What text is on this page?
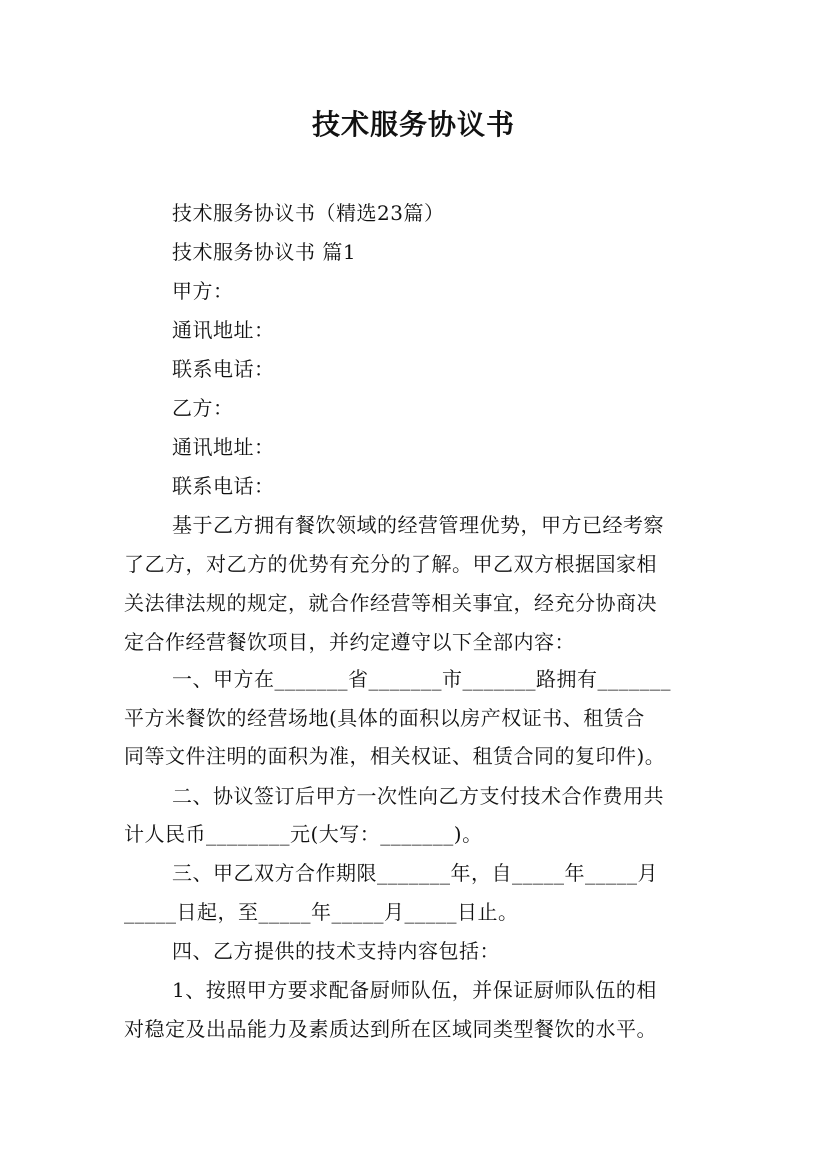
技术服务协议书
技术服务协议书（精选23篇）
技术服务协议书 篇1
甲方：
通讯地址：
联系电话：
乙方：
通讯地址：
联系电话：
基于乙方拥有餐饮领域的经营管理优势，甲方已经考察
了乙方，对乙方的优势有充分的了解。甲乙双方根据国家相
关法律法规的规定，就合作经营等相关事宜，经充分协商决
定合作经营餐饮项目，并约定遵守以下全部内容：
一、甲方在_______省_______市_______路拥有_______
平方米餐饮的经营场地(具体的面积以房产权证书、租赁合
同等文件注明的面积为准，相关权证、租赁合同的复印件)。
二、协议签订后甲方一次性向乙方支付技术合作费用共
计人民币________元(大写：_______)。
三、甲乙双方合作期限_______年，自_____年_____月
_____日起，至_____年_____月_____日止。
四、乙方提供的技术支持内容包括：
1、按照甲方要求配备厨师队伍，并保证厨师队伍的相
对稳定及出品能力及素质达到所在区域同类型餐饮的水平。
